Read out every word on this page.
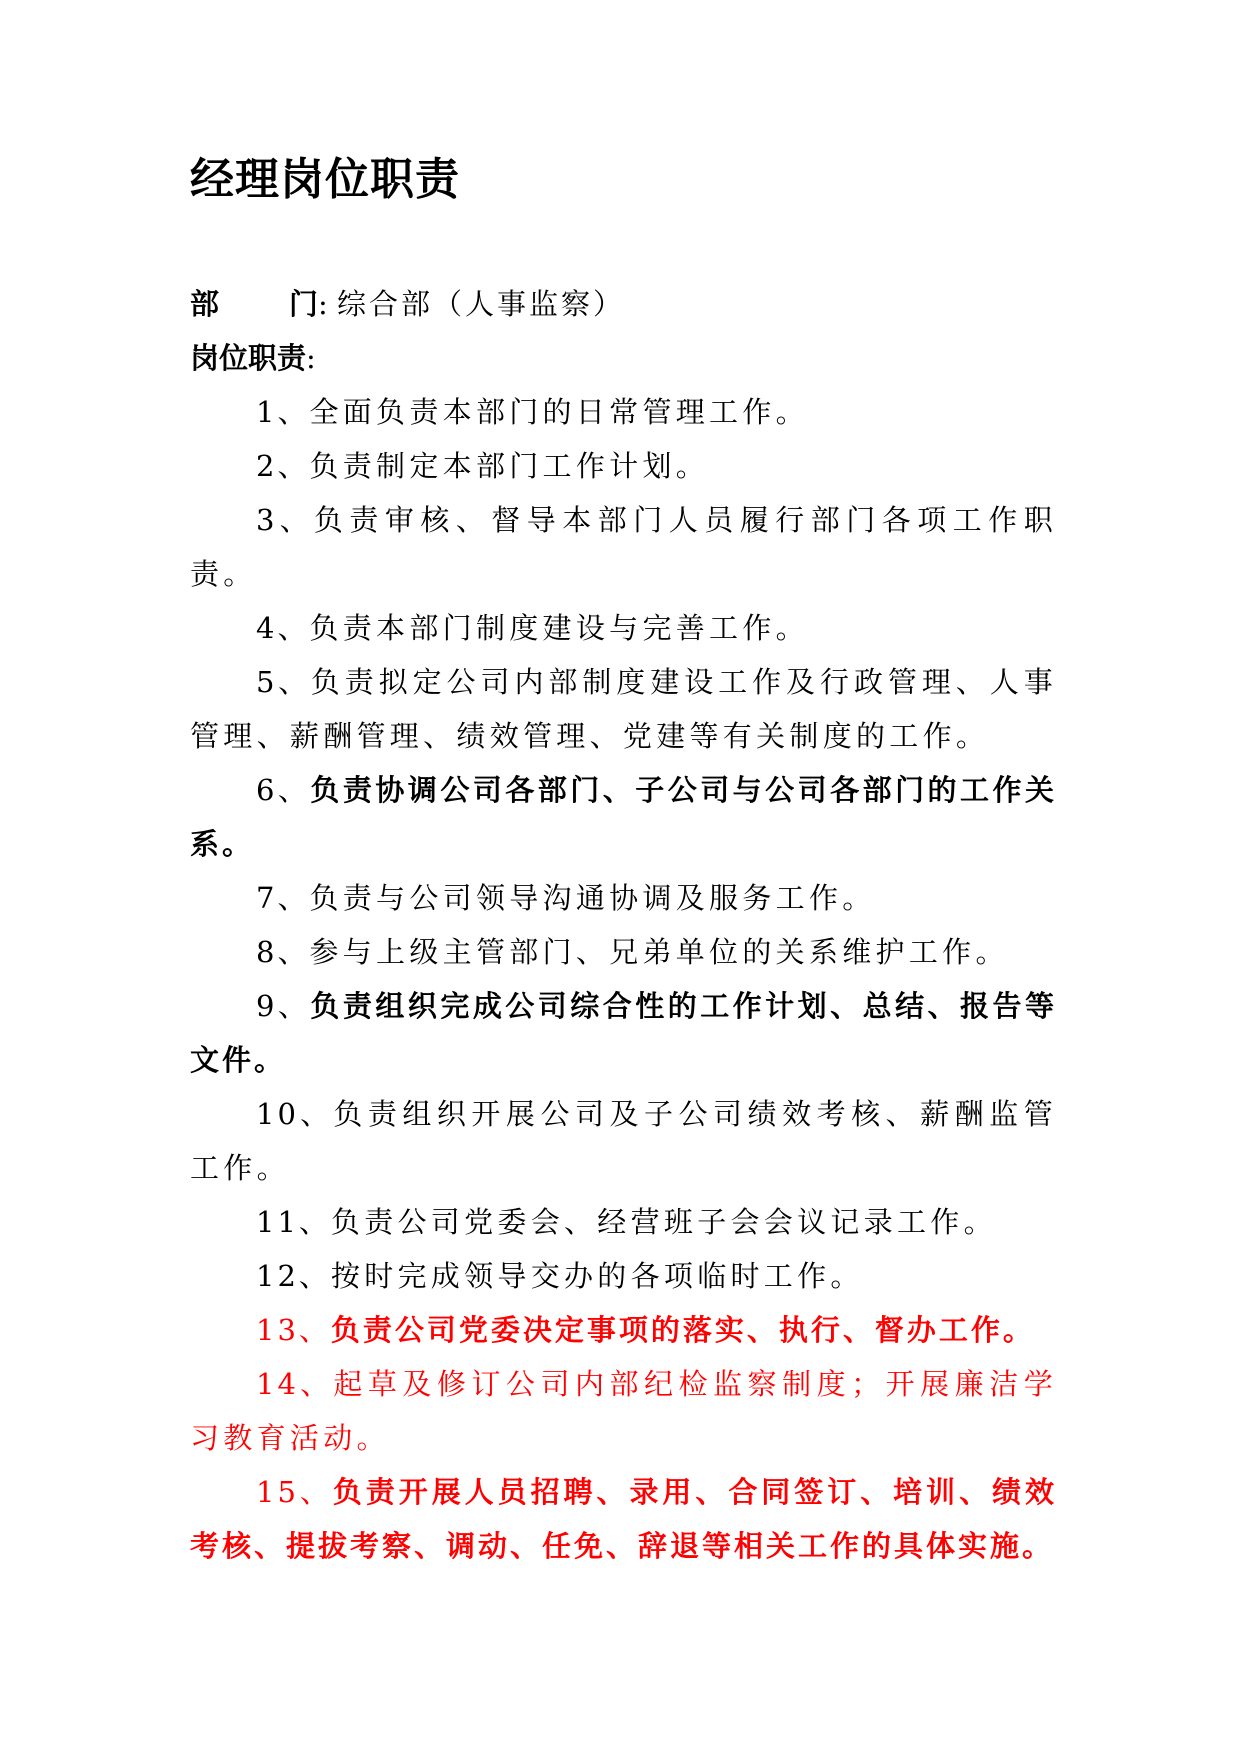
经理岗位职责

部 门 : 综合部（人事监察）

岗位职责:

1、全面负责本部门的日常管理工作。
2、负责制定本部门工作计划。
3、负责审核、督导本部门人员履行部门各项工作职责。
4、负责本部门制度建设与完善工作。
5、负责拟定公司内部制度建设工作及行政管理、人事管理、薪酬管理、绩效管理、党建等有关制度的工作。
6、负责协调公司各部门、子公司与公司各部门的工作关系。
7、负责与公司领导沟通协调及服务工作。
8、参与上级主管部门、兄弟单位的关系维护工作。
9、负责组织完成公司综合性的工作计划、总结、报告等文件。
10、负责组织开展公司及子公司绩效考核、薪酬监管工作。
11、负责公司党委会、经营班子会会议记录工作。
12、按时完成领导交办的各项临时工作。
13、负责公司党委决定事项的落实、执行、督办工作。
14、起草及修订公司内部纪检监察制度；开展廉洁学习教育活动。
15、负责开展人员招聘、录用、合同签订、培训、绩效考核、提拔考察、调动、任免、辞退等相关工作的具体实施。
